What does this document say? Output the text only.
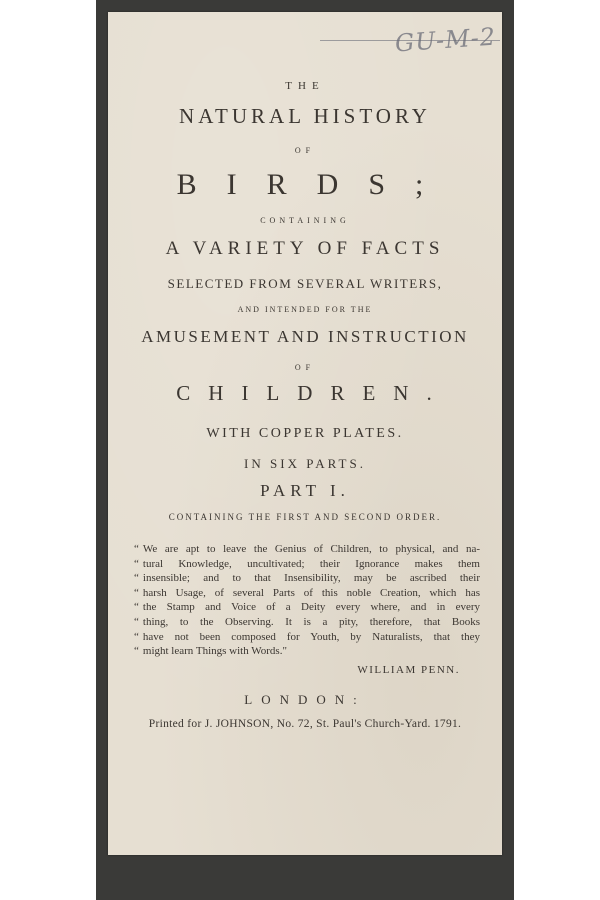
GU-M-2
THE
NATURAL HISTORY
OF
BIRDS;
CONTAINING
A VARIETY OF FACTS
SELECTED FROM SEVERAL WRITERS,
AND INTENDED FOR THE
AMUSEMENT AND INSTRUCTION
OF
CHILDREN.
WITH COPPER PLATES.
IN SIX PARTS.
PART I.
CONTAINING THE FIRST AND SECOND ORDER.
“ We are apt to leave the Genius of Children, to physical, and na-
“ tural Knowledge, uncultivated; their Ignorance makes them
“ insensible; and to that Insensibility, may be ascribed their
“ harsh Usage, of several Parts of this noble Creation, which has
“ the Stamp and Voice of a Deity every where, and in every
“ thing, to the Observing. It is a pity, therefore, that Books
“ have not been composed for Youth, by Naturalists, that they
“ might learn Things with Words."
WILLIAM PENN.
LONDON:
Printed for J. JOHNSON, No. 72, St. Paul's Church-Yard. 1791.
